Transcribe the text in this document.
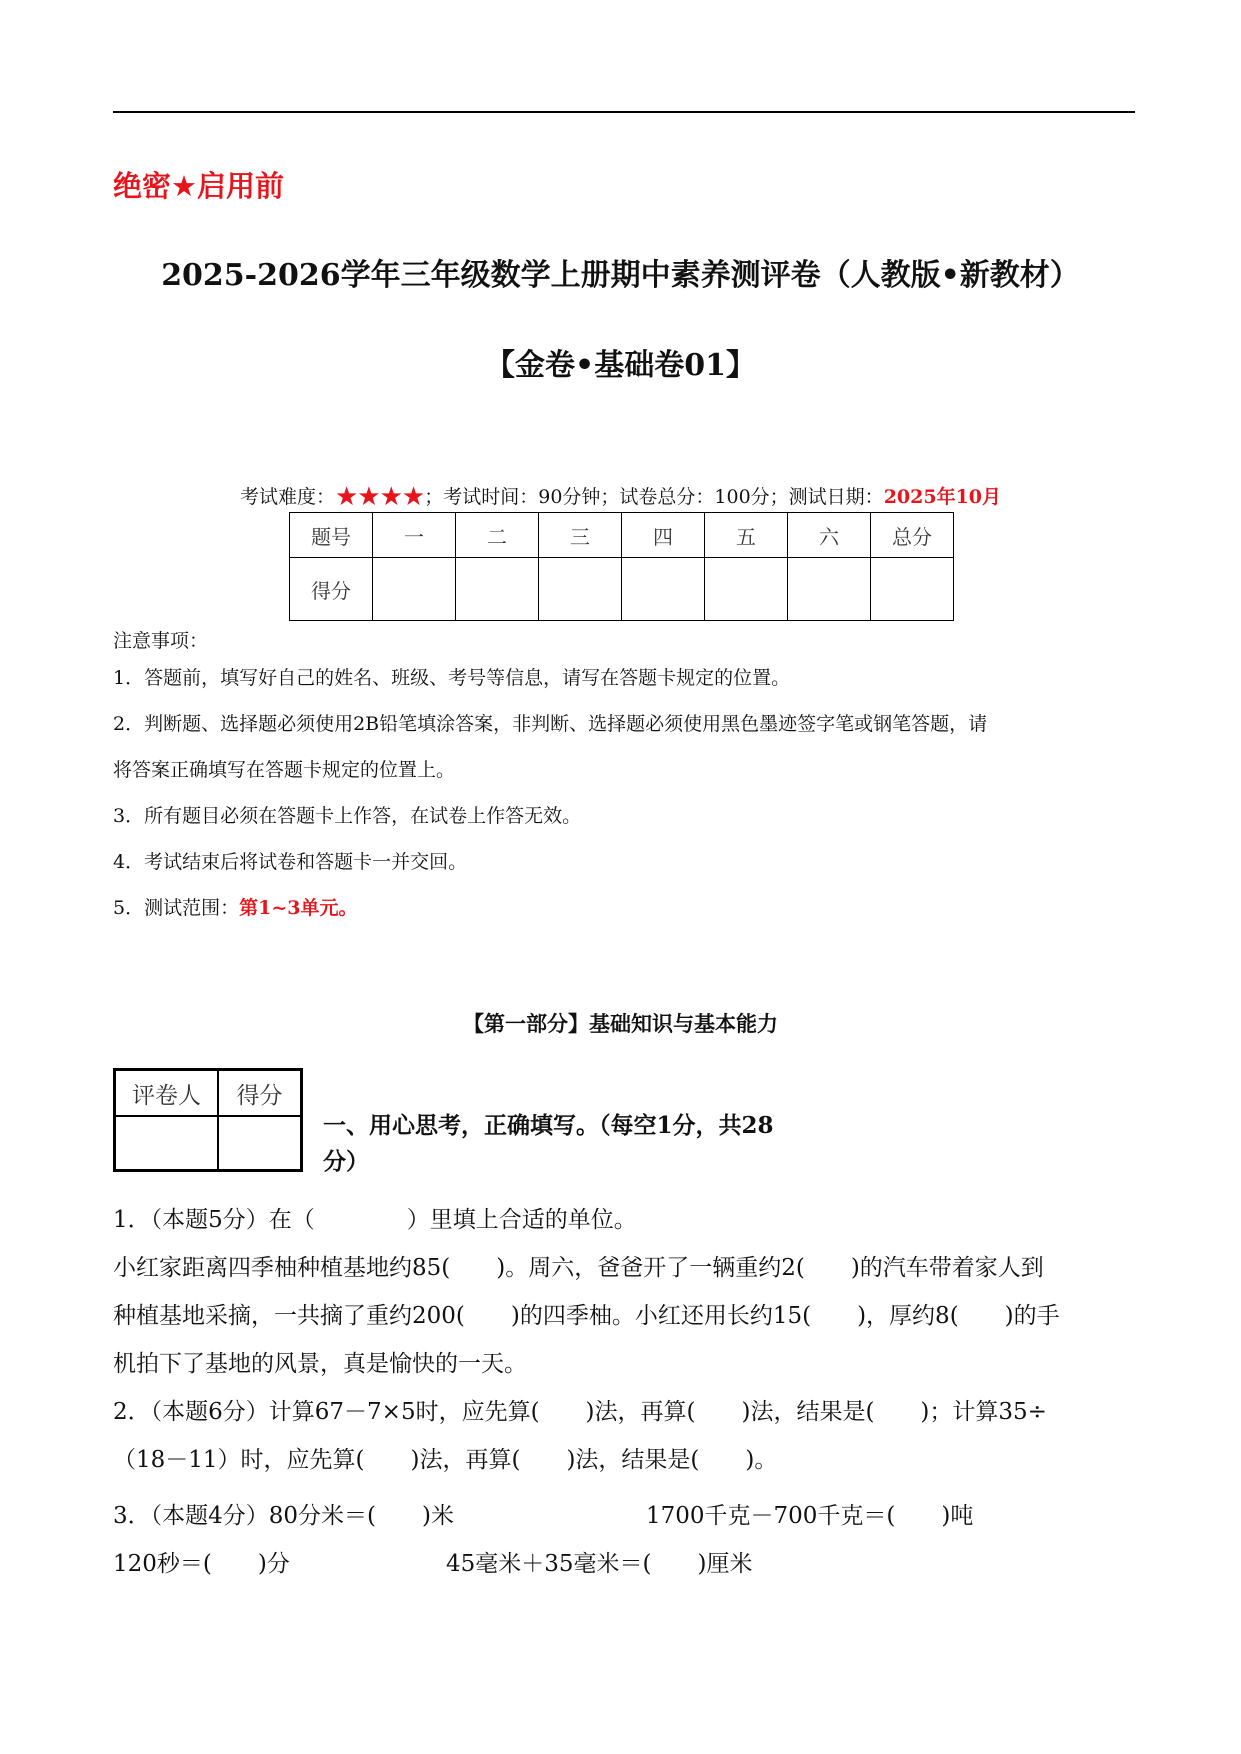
绝密★启用前
2025-2026学年三年级数学上册期中素养测评卷（人教版•新教材）
【金卷•基础卷01】
考试难度：★★★★；考试时间：90分钟；试卷总分：100分；测试日期：2025年10月
题号	一	二	三	四	五	六	总分
得分							
注意事项：
1．答题前，填写好自己的姓名、班级、考号等信息，请写在答题卡规定的位置。
2．判断题、选择题必须使用2B铅笔填涂答案，非判断、选择题必须使用黑色墨迹签字笔或钢笔答题，请
将答案正确填写在答题卡规定的位置上。
3．所有题目必须在答题卡上作答，在试卷上作答无效。
4．考试结束后将试卷和答题卡一并交回。
5．测试范围：第1~3单元。
【第一部分】基础知识与基本能力
评卷人	得分

一、用心思考，正确填写。（每空1分，共28
分）
1．（本题5分）在（　　　　）里填上合适的单位。
小红家距离四季柚种植基地约85(　　)。周六，爸爸开了一辆重约2(　　)的汽车带着家人到
种植基地采摘，一共摘了重约200(　　)的四季柚。小红还用长约15(　　)，厚约8(　　)的手
机拍下了基地的风景，真是愉快的一天。
2．（本题6分）计算67－7×5时，应先算(　　)法，再算(　　)法，结果是(　　)；计算35÷
（18－11）时，应先算(　　)法，再算(　　)法，结果是(　　)。
3．（本题4分）80分米＝(　　)米	1700千克－700千克＝(　　)吨
120秒＝(　　)分	45毫米＋35毫米＝(　　)厘米
